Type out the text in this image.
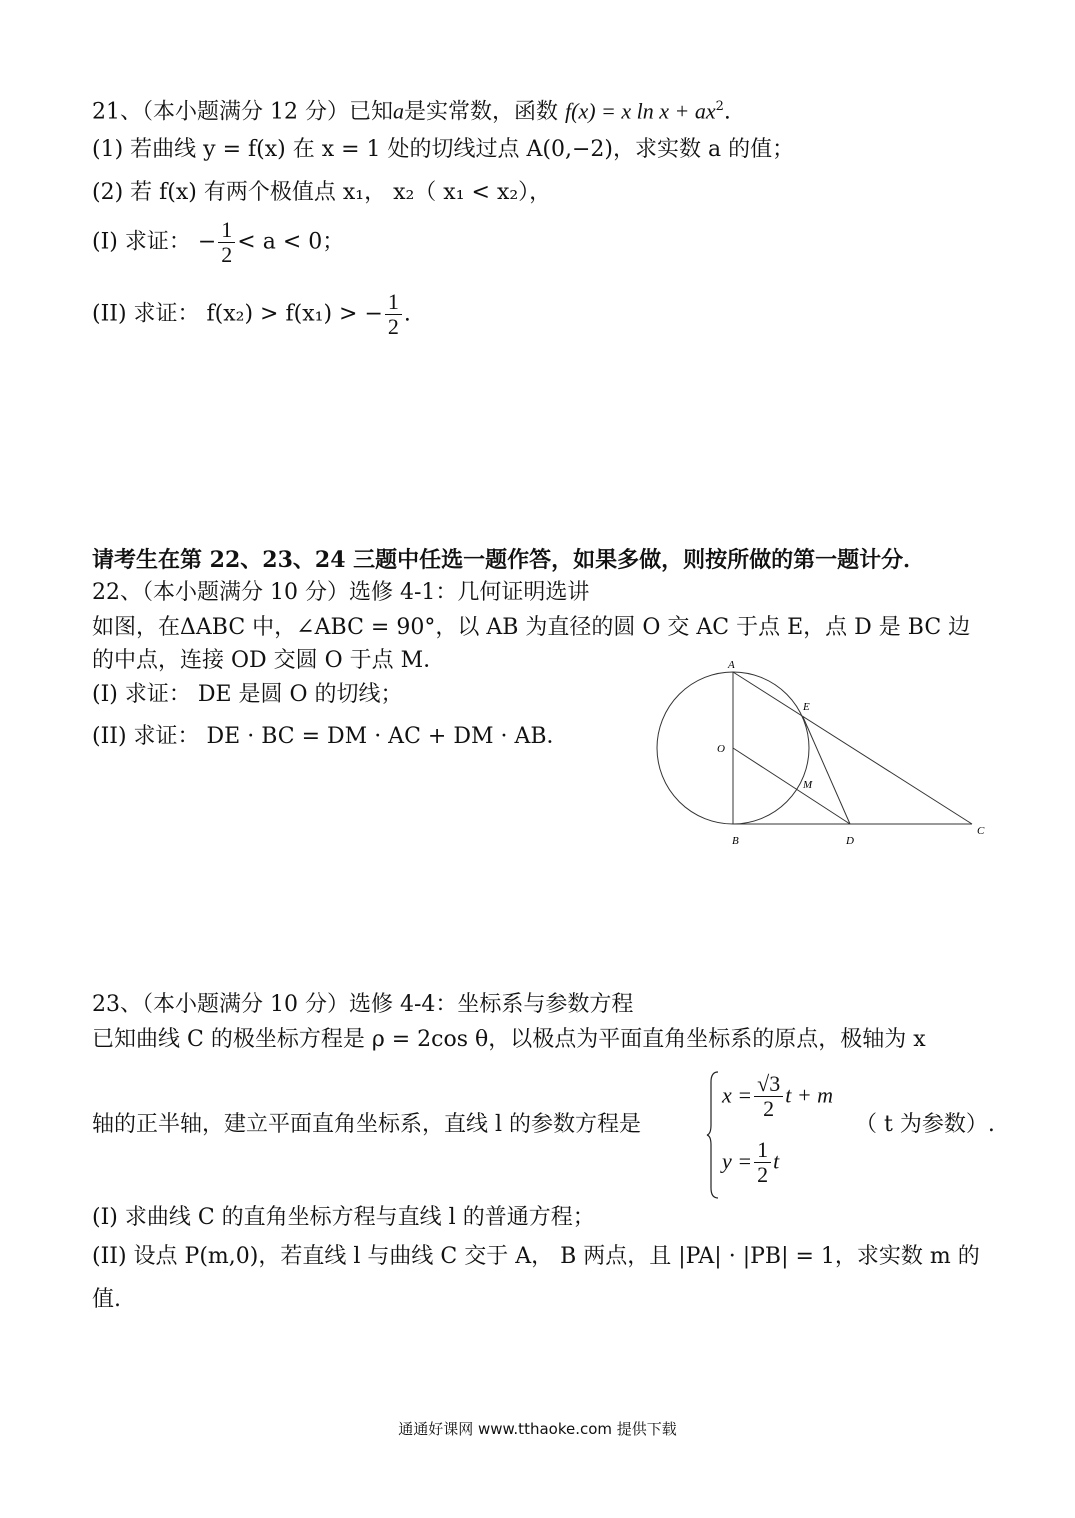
21、（本小题满分 12 分）已知a是实常数，函数 f(x) = x $\ln x + ax^2$.
(1) 若曲线 y = f(x) 在 x = 1 处的切线过点 A(0,−2)，求实数 a 的值；
(2) 若 f(x) 有两个极值点 x₁， x₂（ x₁ < x₂），
(I) 求证： − $\frac{1}{2} < a < 0$；
(II) 求证： f(x₂) > f(x₁) > − $\frac{1}{2}$ .
请考生在第 22、23、24 三题中任选一题作答，如果多做，则按所做的第一题计分．
22、（本小题满分 10 分）选修 4-1：几何证明选讲
如图，在ΔABC 中，∠ABC = 90°，以 AB 为直径的圆 O 交 AC 于点 E，点 D 是 BC 边
的中点，连接 OD 交圆 O 于点 M．
(I) 求证： DE 是圆 O 的切线；
(II) 求证： DE · BC = DM · AC + DM · AB．
A
E
O
M
B	D
C
23、（本小题满分 10 分）选修 4-4：坐标系与参数方程
已知曲线 C 的极坐标方程是 ρ = 2cos θ，以极点为平面直角坐标系的原点，极轴为 x
轴的正半轴，建立平面直角坐标系，直线 l 的参数方程是	（ t 为参数）.
$x = \frac{√3}{2}$ t + m
$y = \frac{1}{2}$ t
(I) 求曲线 C 的直角坐标方程与直线 l 的普通方程；
(II) 设点 P(m,0)，若直线 l 与曲线 C 交于 A， B 两点，且 |PA| · |PB| = 1，求实数 m 的
值.
通通好课网 www.tthaoke.com 提供下载
